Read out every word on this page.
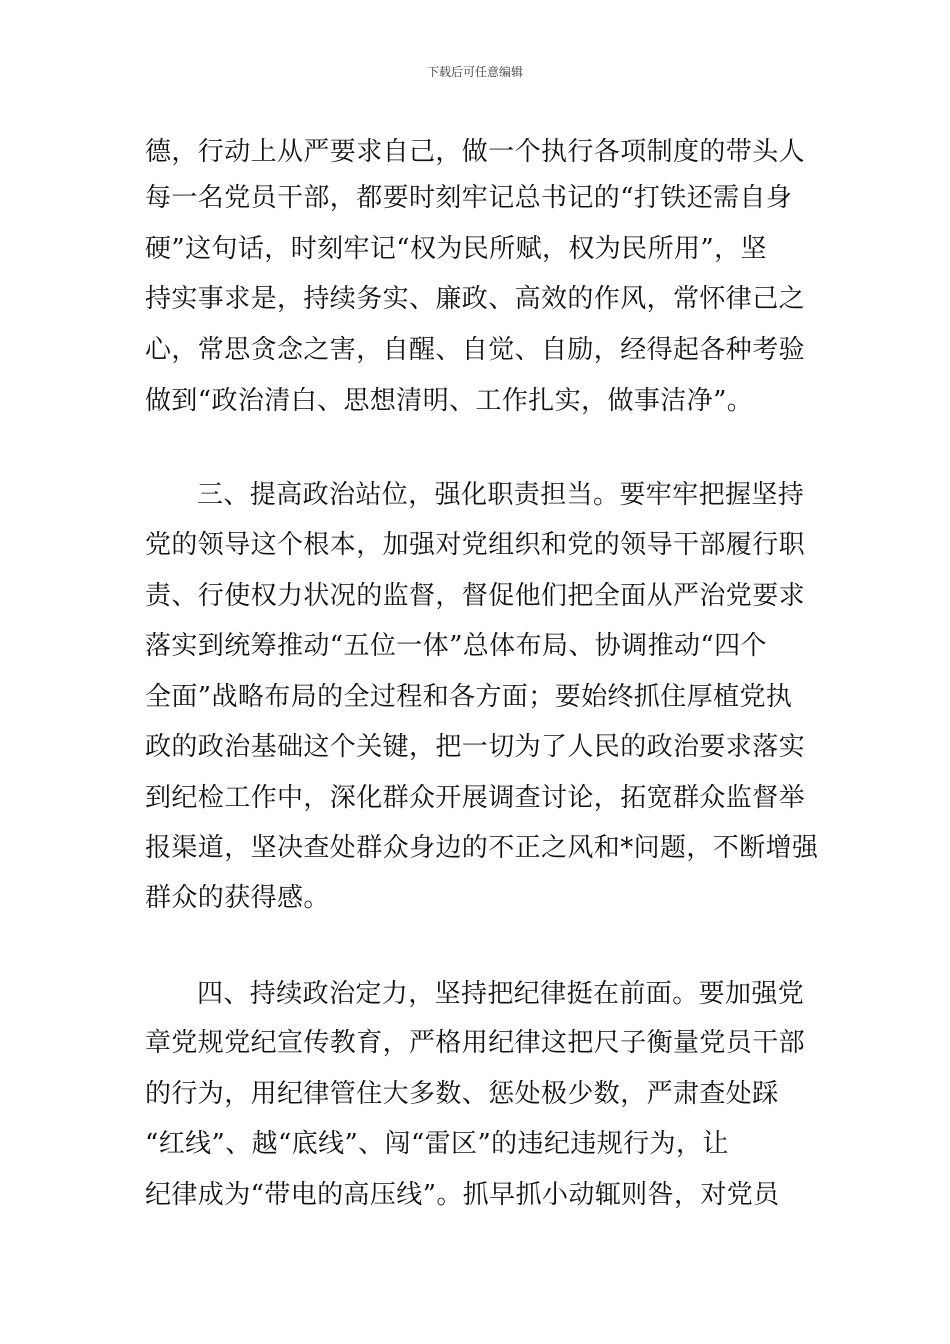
下载后可任意编辑
德，行动上从严要求自己，做一个执行各项制度的带头人
每一名党员干部，都要时刻牢记总书记的“打铁还需自身
硬”这句话，时刻牢记“权为民所赋，权为民所用”，坚
持实事求是，持续务实、廉政、高效的作风，常怀律己之
心，常思贪念之害，自醒、自觉、自励，经得起各种考验
做到“政治清白、思想清明、工作扎实，做事洁净”。
三、提高政治站位，强化职责担当。要牢牢把握坚持
党的领导这个根本，加强对党组织和党的领导干部履行职
责、行使权力状况的监督，督促他们把全面从严治党要求
落实到统筹推动“五位一体”总体布局、协调推动“四个
全面”战略布局的全过程和各方面；要始终抓住厚植党执
政的政治基础这个关键，把一切为了人民的政治要求落实
到纪检工作中，深化群众开展调查讨论，拓宽群众监督举
报渠道，坚决查处群众身边的不正之风和*问题，不断增强
群众的获得感。
四、持续政治定力，坚持把纪律挺在前面。要加强党
章党规党纪宣传教育，严格用纪律这把尺子衡量党员干部
的行为，用纪律管住大多数、惩处极少数，严肃查处踩
“红线”、越“底线”、闯“雷区”的违纪违规行为，让
纪律成为“带电的高压线”。抓早抓小动辄则咎，对党员
